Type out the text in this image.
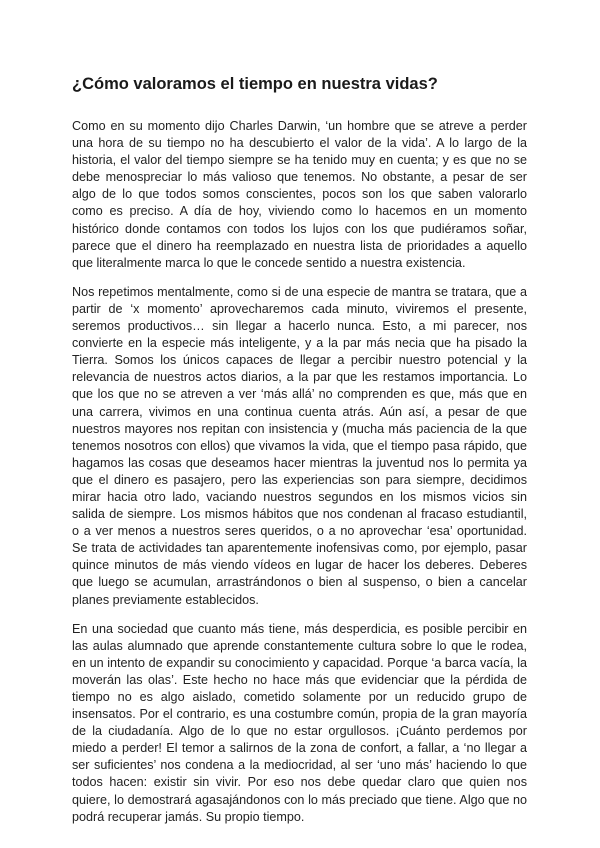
¿Cómo valoramos el tiempo en nuestra vidas?

Como en su momento dijo Charles Darwin, ‘un hombre que se atreve a perder una hora de su tiempo no ha descubierto el valor de la vida’. A lo largo de la historia, el valor del tiempo siempre se ha tenido muy en cuenta; y es que no se debe menospreciar lo más valioso que tenemos. No obstante, a pesar de ser algo de lo que todos somos conscientes, pocos son los que saben valorarlo como es preciso. A día de hoy, viviendo como lo hacemos en un momento histórico donde contamos con todos los lujos con los que pudiéramos soñar, parece que el dinero ha reemplazado en nuestra lista de prioridades a aquello que literalmente marca lo que le concede sentido a nuestra existencia.

Nos repetimos mentalmente, como si de una especie de mantra se tratara, que a partir de ‘x momento’ aprovecharemos cada minuto, viviremos el presente, seremos productivos… sin llegar a hacerlo nunca. Esto, a mi parecer, nos convierte en la especie más inteligente, y a la par más necia que ha pisado la Tierra. Somos los únicos capaces de llegar a percibir nuestro potencial y la relevancia de nuestros actos diarios, a la par que les restamos importancia. Lo que los que no se atreven a ver ‘más allá’ no comprenden es que, más que en una carrera, vivimos en una continua cuenta atrás. Aún así, a pesar de que nuestros mayores nos repitan con insistencia y (mucha más paciencia de la que tenemos nosotros con ellos) que vivamos la vida, que el tiempo pasa rápido, que hagamos las cosas que deseamos hacer mientras la juventud nos lo permita ya que el dinero es pasajero, pero las experiencias son para siempre, decidimos mirar hacia otro lado, vaciando nuestros segundos en los mismos vicios sin salida de siempre. Los mismos hábitos que nos condenan al fracaso estudiantil, o a ver menos a nuestros seres queridos, o a no aprovechar ‘esa’ oportunidad. Se trata de actividades tan aparentemente inofensivas como, por ejemplo, pasar quince minutos de más viendo vídeos en lugar de hacer los deberes. Deberes que luego se acumulan, arrastrándonos o bien al suspenso, o bien a cancelar planes previamente establecidos.

En una sociedad que cuanto más tiene, más desperdicia, es posible percibir en las aulas alumnado que aprende constantemente cultura sobre lo que le rodea, en un intento de expandir su conocimiento y capacidad. Porque ‘a barca vacía, la moverán las olas’. Este hecho no hace más que evidenciar que la pérdida de tiempo no es algo aislado, cometido solamente por un reducido grupo de insensatos. Por el contrario, es una costumbre común, propia de la gran mayoría de la ciudadanía. Algo de lo que no estar orgullosos. ¡Cuánto perdemos por miedo a perder! El temor a salirnos de la zona de confort, a fallar, a ‘no llegar a ser suficientes’ nos condena a la mediocridad, al ser ‘uno más’ haciendo lo que todos hacen: existir sin vivir. Por eso nos debe quedar claro que quien nos quiere, lo demostrará agasajándonos con lo más preciado que tiene. Algo que no podrá recuperar jamás. Su propio tiempo.
